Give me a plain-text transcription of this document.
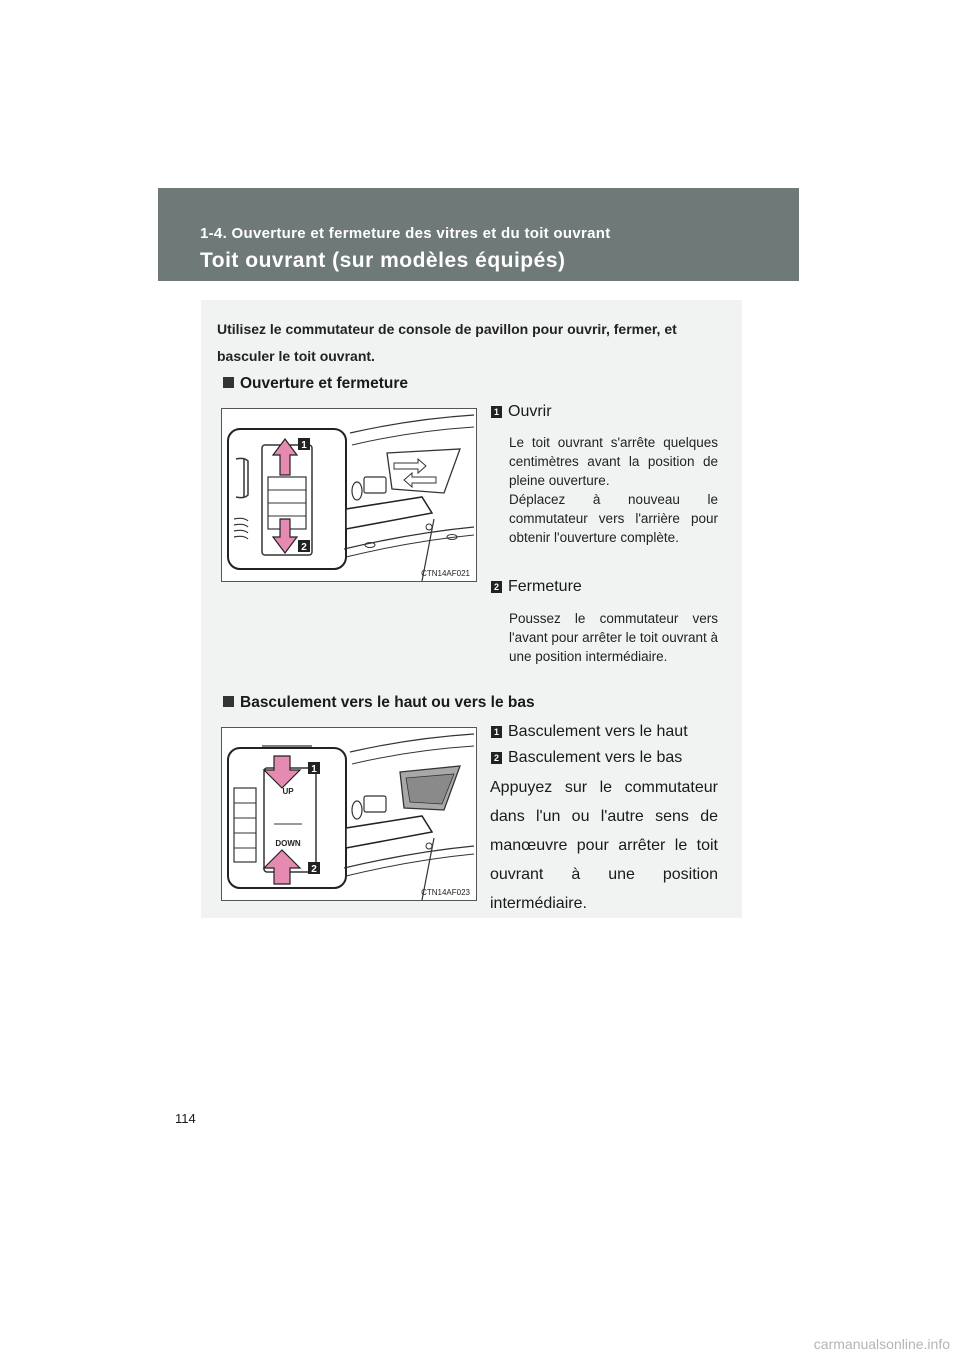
1-4. Ouverture et fermeture des vitres et du toit ouvrant
Toit ouvrant (sur modèles équipés)
Utilisez le commutateur de console de pavillon pour ouvrir, fermer, et basculer le toit ouvrant.
Ouverture et fermeture
1
2
CTN14AF021
1 Ouvrir
Le toit ouvrant s'arrête quelques centimètres avant la position de pleine ouverture.
Déplacez à nouveau le commutateur vers l'arrière pour obtenir l'ouverture complète.
2 Fermeture
Poussez le commutateur vers l'avant pour arrêter le toit ouvrant à une position intermédiaire.
Basculement vers le haut ou vers le bas
UP
DOWN
1
2
CTN14AF023
1 Basculement vers le haut
2 Basculement vers le bas
Appuyez sur le commutateur dans l'un ou l'autre sens de manœuvre pour arrêter le toit ouvrant à une position intermédiaire.
114
carmanualsonline.info
